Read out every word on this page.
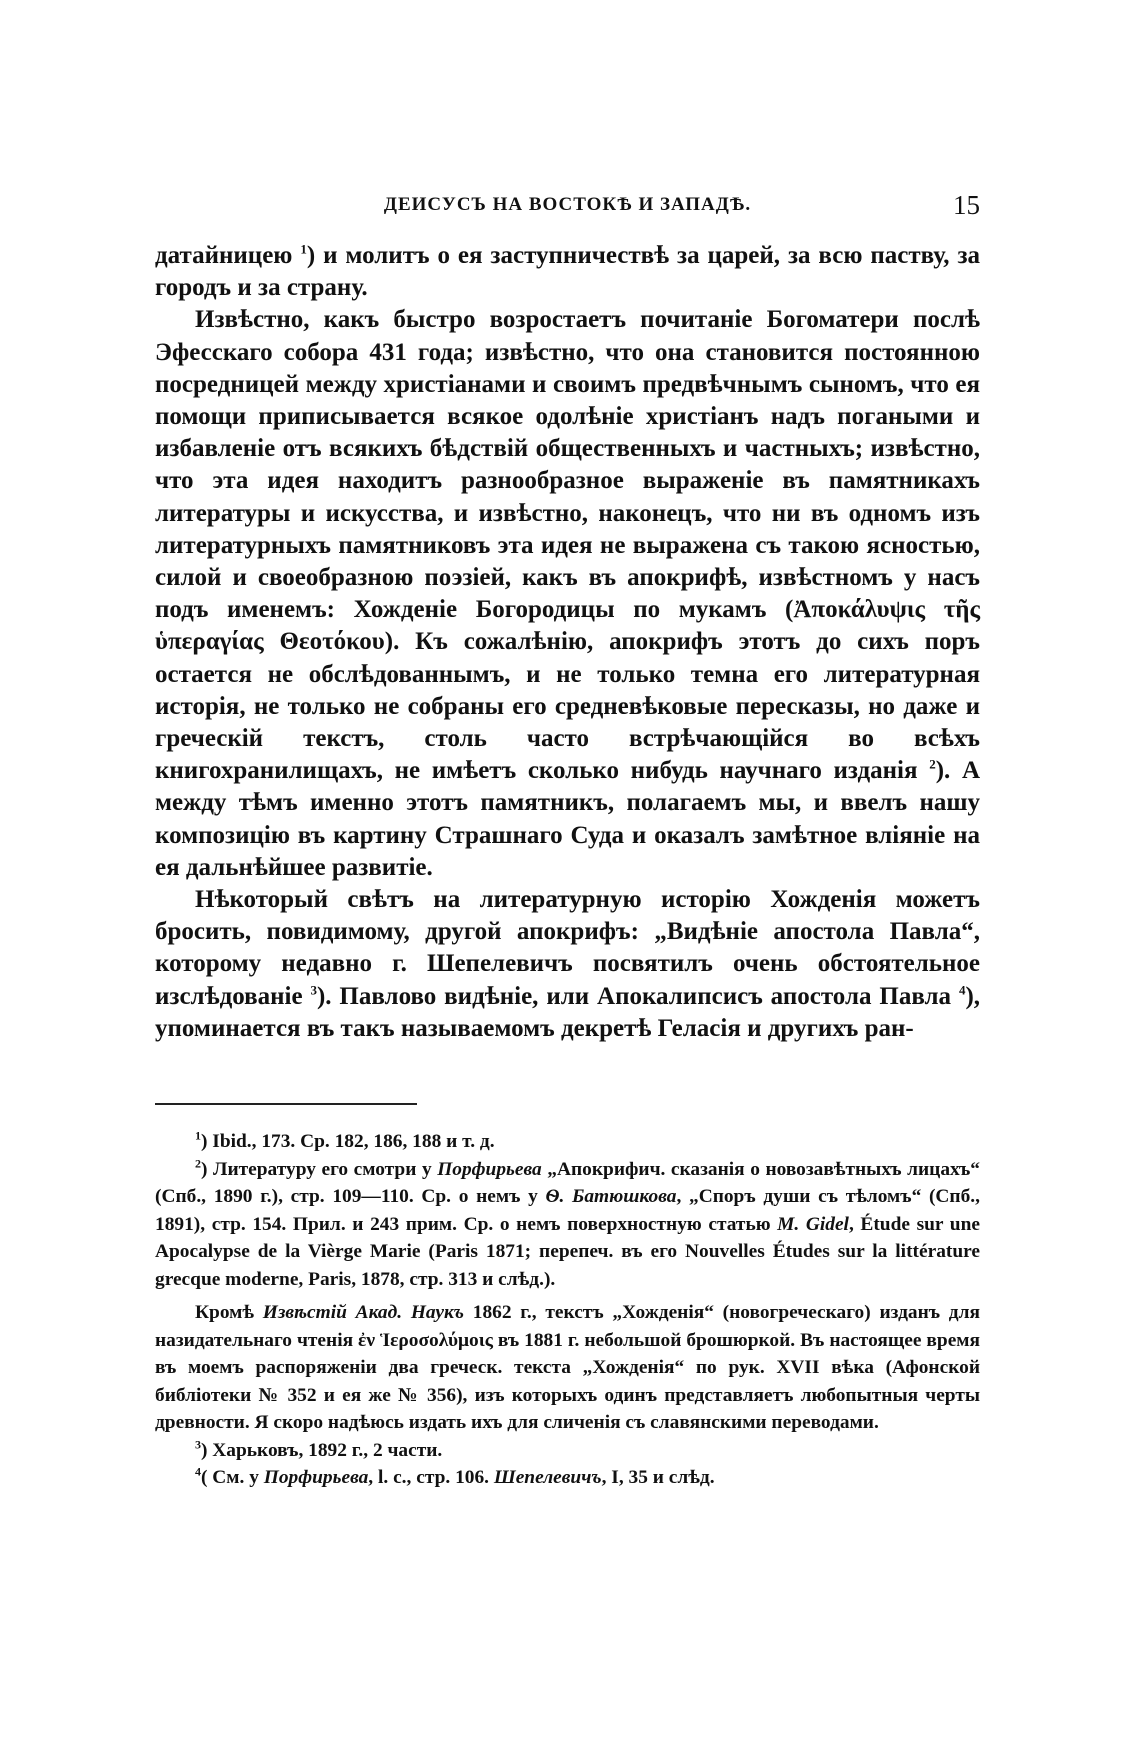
ДЕИСУСЪ НА ВОСТОКѢ И ЗАПАДѢ.	15

датайницею $^1$) и молитъ о ея заступничествѣ за царей, за всю паству, за городъ и за страну.

Извѣстно, какъ быстро возростаетъ почитаніе Богоматери послѣ Эфесскаго собора 431 года; извѣстно, что она становится постоянною посредницей между христіанами и своимъ предвѣчнымъ сыномъ, что ея помощи приписывается всякое одолѣніе христіанъ надъ погаными и избавленіе отъ всякихъ бѣдствій общественныхъ и частныхъ; извѣстно, что эта идея находитъ разнообразное выраженіе въ памятникахъ литературы и искусства, и извѣстно, наконецъ, что ни въ одномъ изъ литературныхъ памятниковъ эта идея не выражена съ такою ясностью, силой и своеобразною поэзіей, какъ въ апокрифѣ, извѣстномъ у насъ подъ именемъ: Хожденіе Богородицы по мукамъ (Ἀποκάλυψις τῆς ὑπεραγίας Θεοτόκου). Къ сожалѣнію, апокрифъ этотъ до сихъ поръ остается не обслѣдованнымъ, и не только темна его литературная исторія, не только не собраны его средневѣковые пересказы, но даже и греческій текстъ, столь часто встрѣчающійся во всѣхъ книгохранилищахъ, не имѣетъ сколько нибудь научнаго изданія $^2$). А между тѣмъ именно этотъ памятникъ, полагаемъ мы, и ввелъ нашу композицію въ картину Страшнаго Суда и оказалъ замѣтное вліяніе на ея дальнѣйшее развитіе.

Нѣкоторый свѣтъ на литературную исторію Хожденія можетъ бросить, повидимому, другой апокрифъ: „Видѣніе апостола Павла“, которому недавно г. Шепелевичъ посвятилъ очень обстоятельное изслѣдованіе $^3$). Павлово видѣніе, или Апокалипсисъ апостола Павла $^4$), упоминается въ такъ называемомъ декретѣ Геласія и другихъ ран-

$^1$) Ibid., 173. Ср. 182, 186, 188 и т. д.

$^2$) Литературу его смотри у Порфирьева „Апокрифич. сказанія о новозавѣтныхъ лицахъ“ (Спб., 1890 г.), стр. 109—110. Ср. о немъ у Ѳ. Батюшкова, „Споръ души съ тѣломъ“ (Спб., 1891), стр. 154. Прил. и 243 прим. Ср. о немъ поверхностную статью M. Gidel, Étude sur une Apocalypse de la Vièrge Marie (Paris 1871; перепеч. въ его Nouvelles Études sur la littérature grecque moderne, Paris, 1878, стр. 313 и слѣд.).

Кромѣ Извѣстій Акад. Наукъ 1862 г., текстъ „Хожденія“ (новогреческаго) изданъ для назидательнаго чтенія ἐν Ἱεροσολύμοις въ 1881 г. небольшой брошюркой. Въ настоящее время въ моемъ распоряженіи два греческ. текста „Хожденія“ по рук. XVII вѣка (Афонской библіотеки № 352 и ея же № 356), изъ которыхъ одинъ представляетъ любопытныя черты древности. Я скоро надѣюсь издать ихъ для сличенія съ славянскими переводами.

$^3$) Харьковъ, 1892 г., 2 части.

$^4$( См. у Порфирьева, l. c., стр. 106. Шепелевичъ, I, 35 и слѣд.
